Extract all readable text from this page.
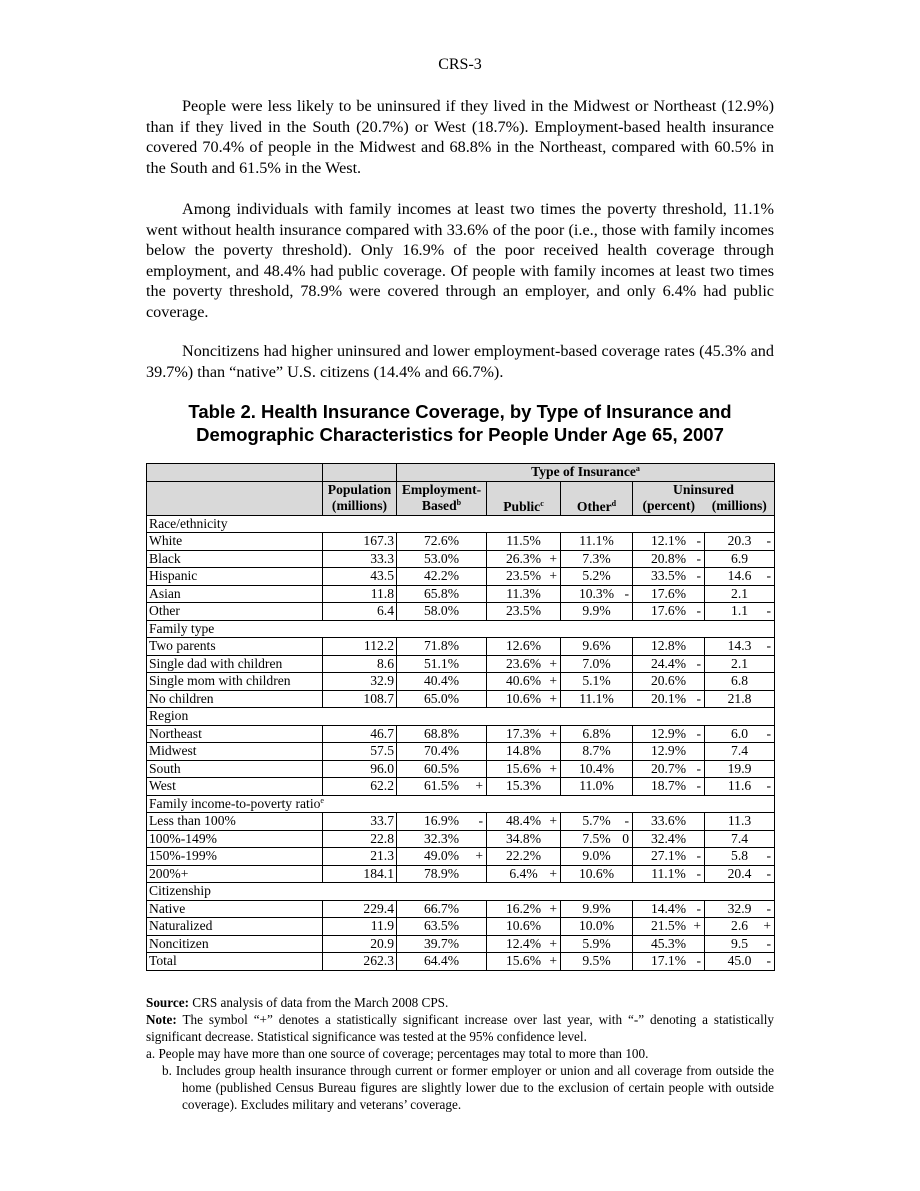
CRS-3

People were less likely to be uninsured if they lived in the Midwest or Northeast (12.9%) than if they lived in the South (20.7%) or West (18.7%). Employment-based health insurance covered 70.4% of people in the Midwest and 68.8% in the Northeast, compared with 60.5% in the South and 61.5% in the West.

Among individuals with family incomes at least two times the poverty threshold, 11.1% went without health insurance compared with 33.6% of the poor (i.e., those with family incomes below the poverty threshold). Only 16.9% of the poor received health coverage through employment, and 48.4% had public coverage. Of people with family incomes at least two times the poverty threshold, 78.9% were covered through an employer, and only 6.4% had public coverage.

Noncitizens had higher uninsured and lower employment-based coverage rates (45.3% and 39.7%) than “native” U.S. citizens (14.4% and 66.7%).

Table 2. Health Insurance Coverage, by Type of Insurance and
Demographic Characteristics for People Under Age 65, 2007
		Type of Insurance$^a$
	Population	Employment-	Public$^c$	Other$^d$	Uninsured	
	(millions)	Based$^b$			(percent)	(millions)
Race/ethnicity						
White	167.3	72.6%	11.5%	11.1%	12.1% -	20.3 -

Black	33.3	53.0%	26.3% +	7.3%	20.8% -	6.9

Hispanic	43.5	42.2%	23.5% +	5.2%	33.5% -	14.6 -

Asian	11.8	65.8%	11.3%	10.3% -	17.6%	2.1

Other	6.4	58.0%	23.5%	9.9%	17.6% -	1.1 -

Family type						
Two parents	112.2	71.8%	12.6%	9.6%	12.8%	14.3 -

Single dad with children	8.6	51.1%	23.6% +	7.0%	24.4% -	2.1

Single mom with children	32.9	40.4%	40.6% +	5.1%	20.6%	6.8

No children	108.7	65.0%	10.6% +	11.1%	20.1% -	21.8

Region						
Northeast	46.7	68.8%	17.3% +	6.8%	12.9% -	6.0 -

Midwest	57.5	70.4%	14.8%	8.7%	12.9%	7.4

South	96.0	60.5%	15.6% +	10.4%	20.7% -	19.9

West	62.2	61.5% +	15.3%	11.0%	18.7% -	11.6 -

Family income-to-poverty ratio$^e$
Less than 100%	33.7	16.9% -	48.4% +	5.7% -	33.6%	11.3

100%-149%	22.8	32.3%	34.8%	7.5% 0	32.4%	7.4

150%-199%	21.3	49.0% +	22.2%	9.0%	27.1% -	5.8 -

200%+	184.1	78.9%	6.4% +	10.6%	11.1% -	20.4 -

Citizenship						
Native	229.4	66.7%	16.2% +	9.9%	14.4% -	32.9 -

Naturalized	11.9	63.5%	10.6%	10.0%	21.5% +	2.6 +

Noncitizen	20.9	39.7%	12.4% +	5.9%	45.3%	9.5 -

Total	262.3	64.4%	15.6% +	9.5%	17.1% -	45.0 -

Source: CRS analysis of data from the March 2008 CPS.

Note: The symbol “+” denotes a statistically significant increase over last year, with “-” denoting a statistically significant decrease. Statistical significance was tested at the 95% confidence level.

a. People may have more than one source of coverage; percentages may total to more than 100.

b. Includes group health insurance through current or former employer or union and all coverage from outside the home (published Census Bureau figures are slightly lower due to the exclusion of certain people with outside coverage). Excludes military and veterans’ coverage.
